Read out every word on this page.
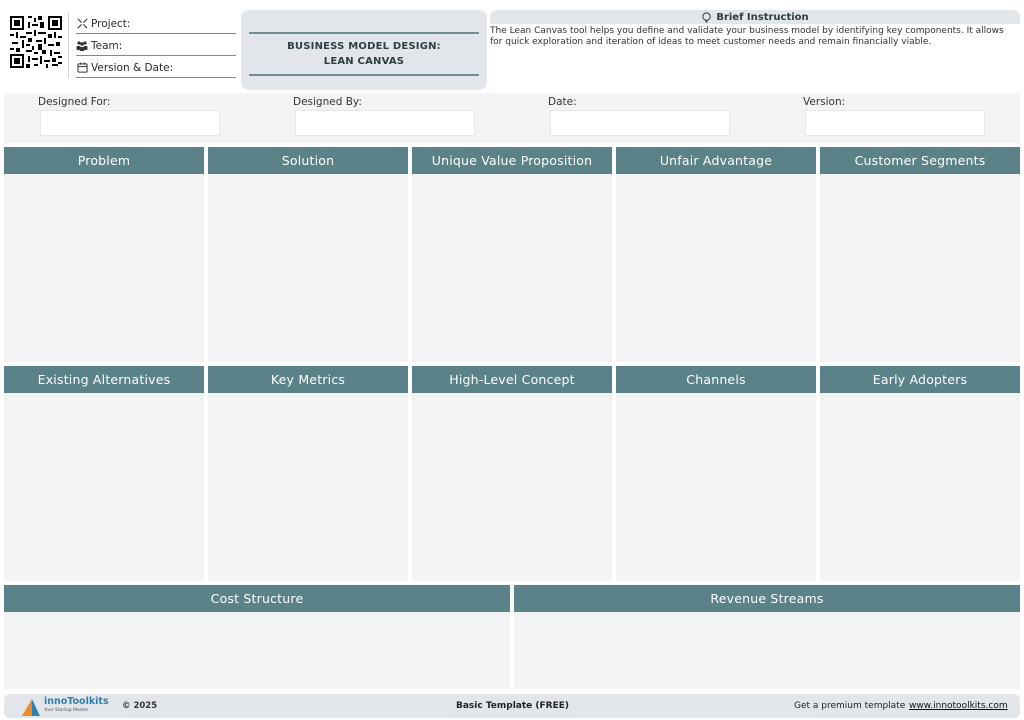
Project:
Team:
Version & Date:
BUSINESS MODEL DESIGN:
LEAN CANVAS
Brief Instruction
The Lean Canvas tool helps you define and validate your business model by identifying key components. It allows for quick exploration and iteration of ideas to meet customer needs and remain financially viable.
Designed For:	Designed By:	Date:	Version:
Problem	Solution	Unique Value Proposition	Unfair Advantage	Customer Segments
Existing Alternatives	Key Metrics	High-Level Concept	Channels	Early Adopters
Cost Structure	Revenue Streams
innoToolkits
Your Startup Master	© 2025	Basic Template (FREE)	Get a premium template www.innotoolkits.com
